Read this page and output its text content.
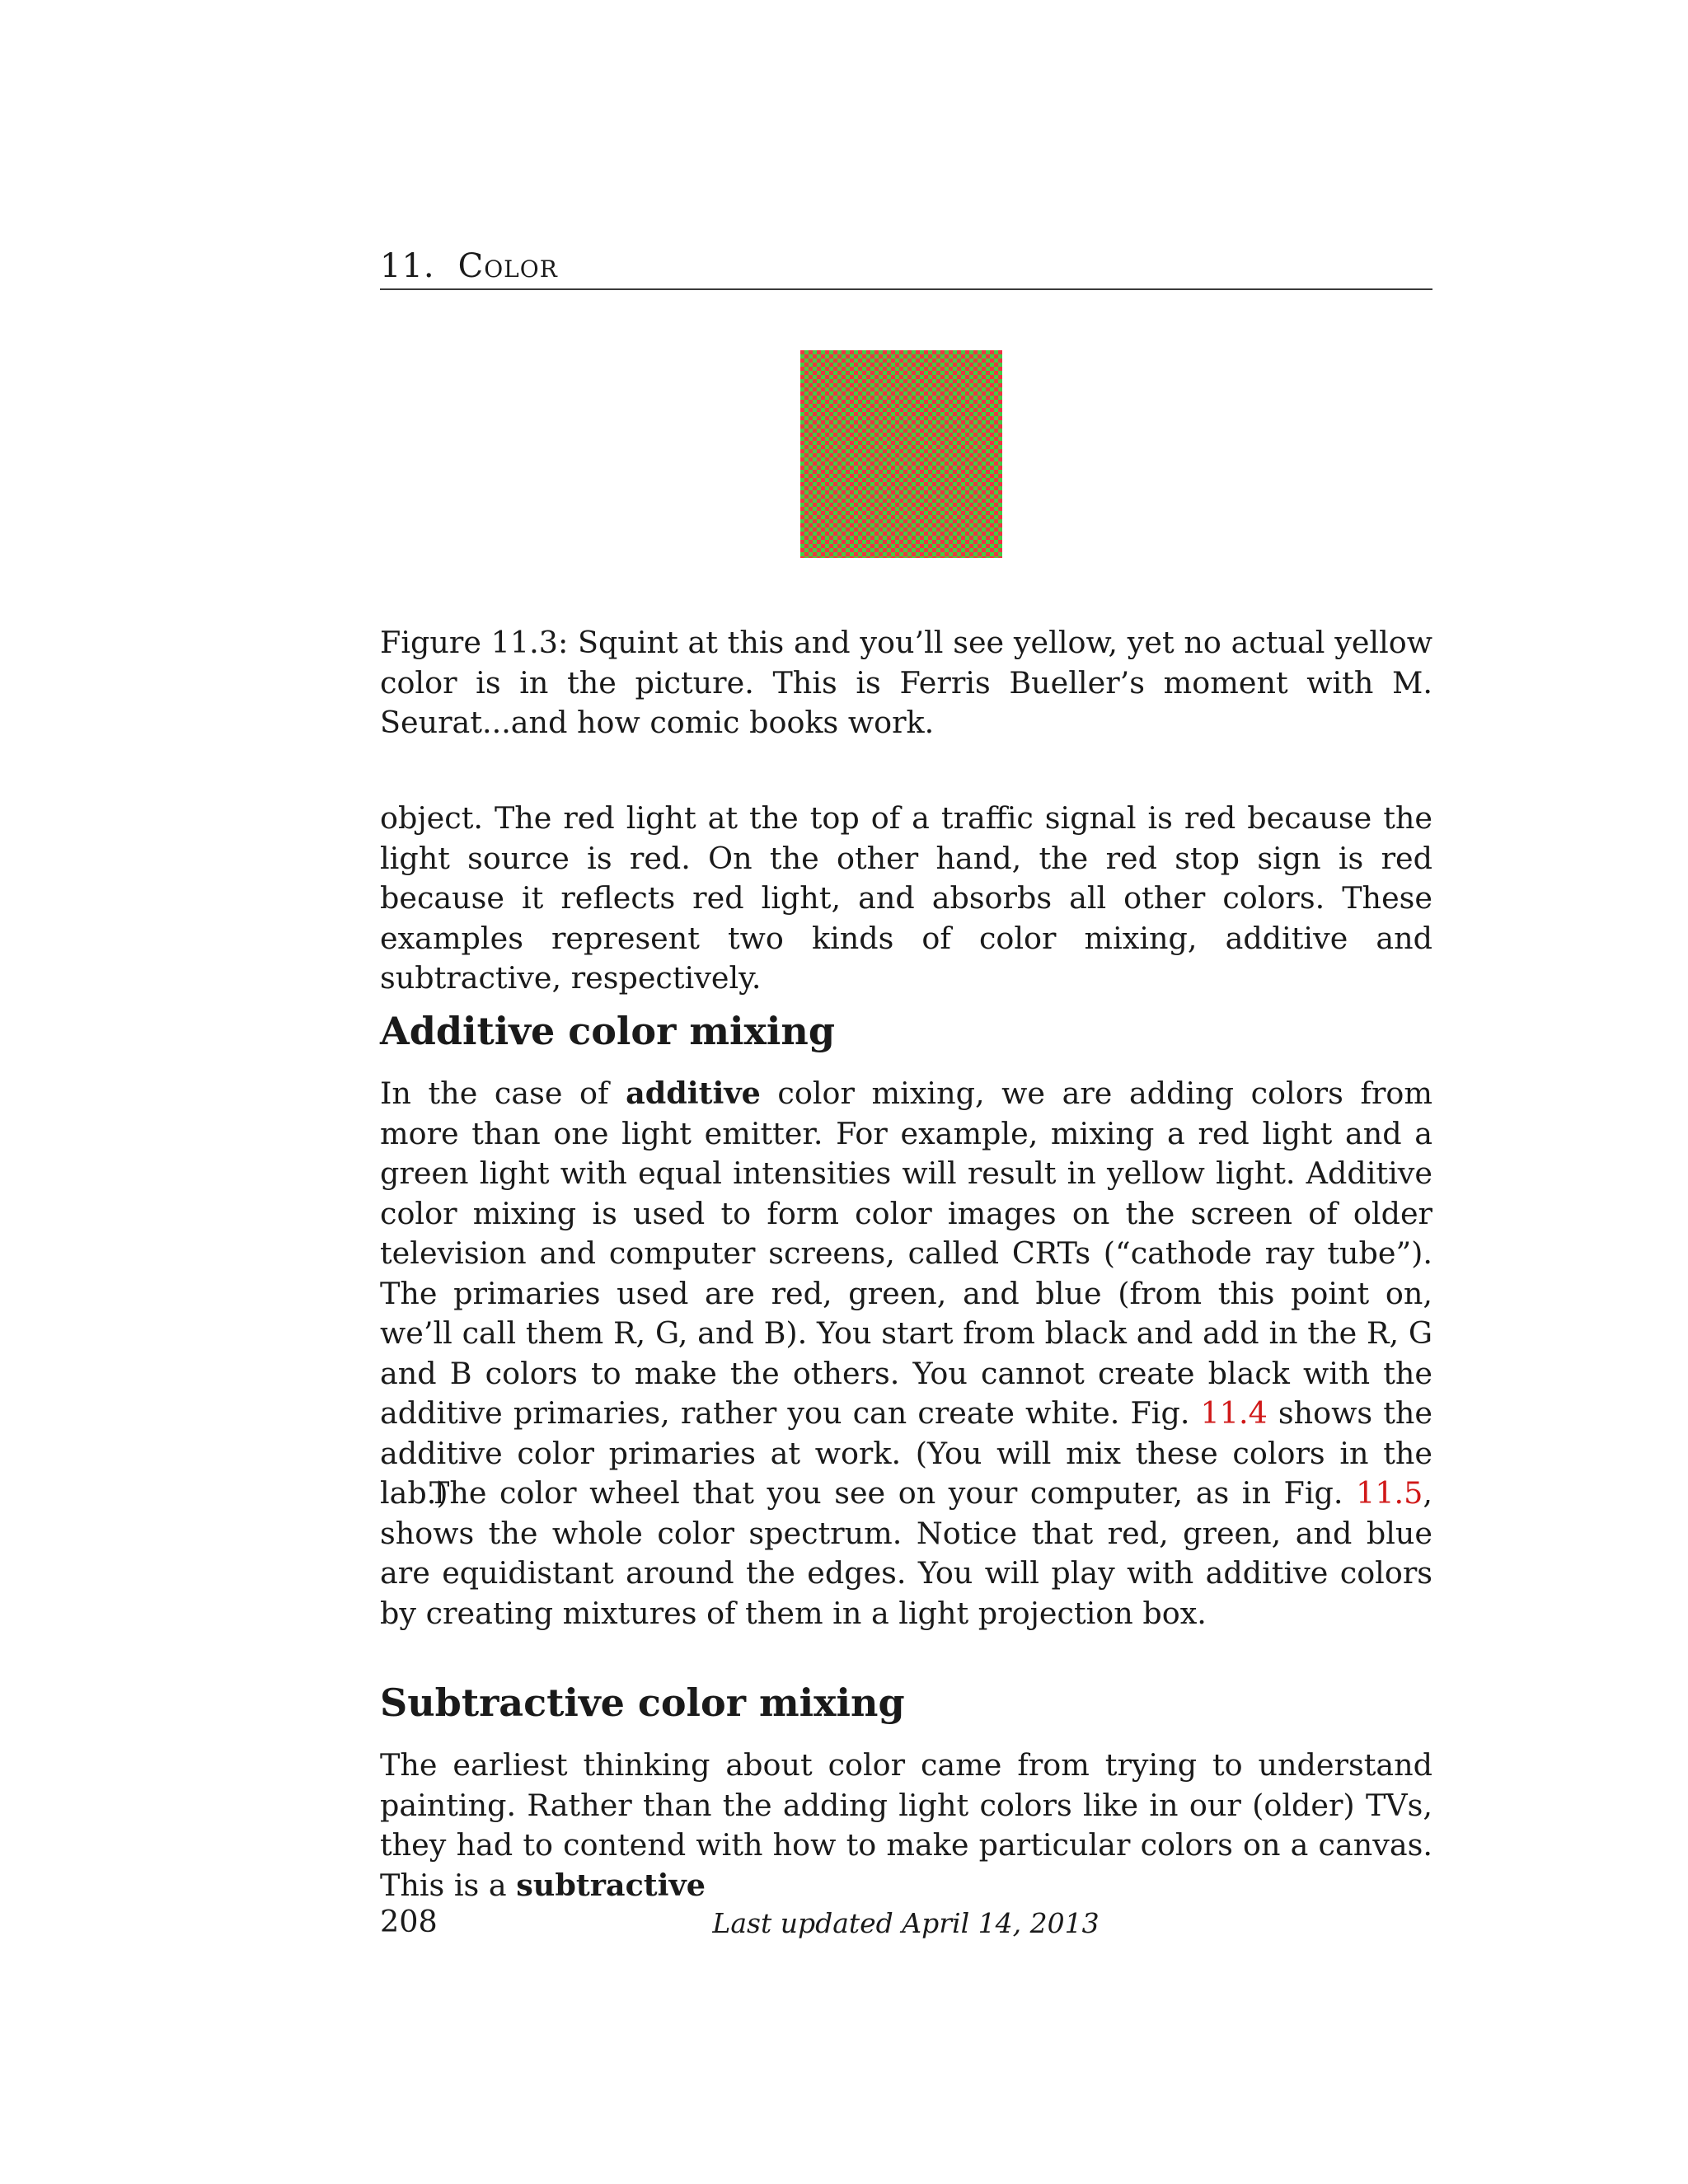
11. Color

Figure 11.3: Squint at this and you’ll see yellow, yet no actual yellow color is in the picture. This is Ferris Bueller’s moment with M. Seurat...and how comic books work.

object. The red light at the top of a traffic signal is red because the light source is red. On the other hand, the red stop sign is red because it reflects red light, and absorbs all other colors. These examples represent two kinds of color mixing, additive and subtractive, respectively.

Additive color mixing

In the case of additive color mixing, we are adding colors from more than one light emitter. For example, mixing a red light and a green light with equal intensities will result in yellow light. Additive color mixing is used to form color images on the screen of older television and computer screens, called CRTs (“cathode ray tube”). The primaries used are red, green, and blue (from this point on, we’ll call them R, G, and B). You start from black and add in the R, G and B colors to make the others. You cannot create black with the additive primaries, rather you can create white. Fig. 11.4 shows the additive color primaries at work. (You will mix these colors in the lab.)

The color wheel that you see on your computer, as in Fig. 11.5, shows the whole color spectrum. Notice that red, green, and blue are equidistant around the edges. You will play with additive colors by creating mixtures of them in a light projection box.

Subtractive color mixing

The earliest thinking about color came from trying to understand painting. Rather than the adding light colors like in our (older) TVs, they had to contend with how to make particular colors on a canvas. This is a subtractive

208	Last updated April 14, 2013
